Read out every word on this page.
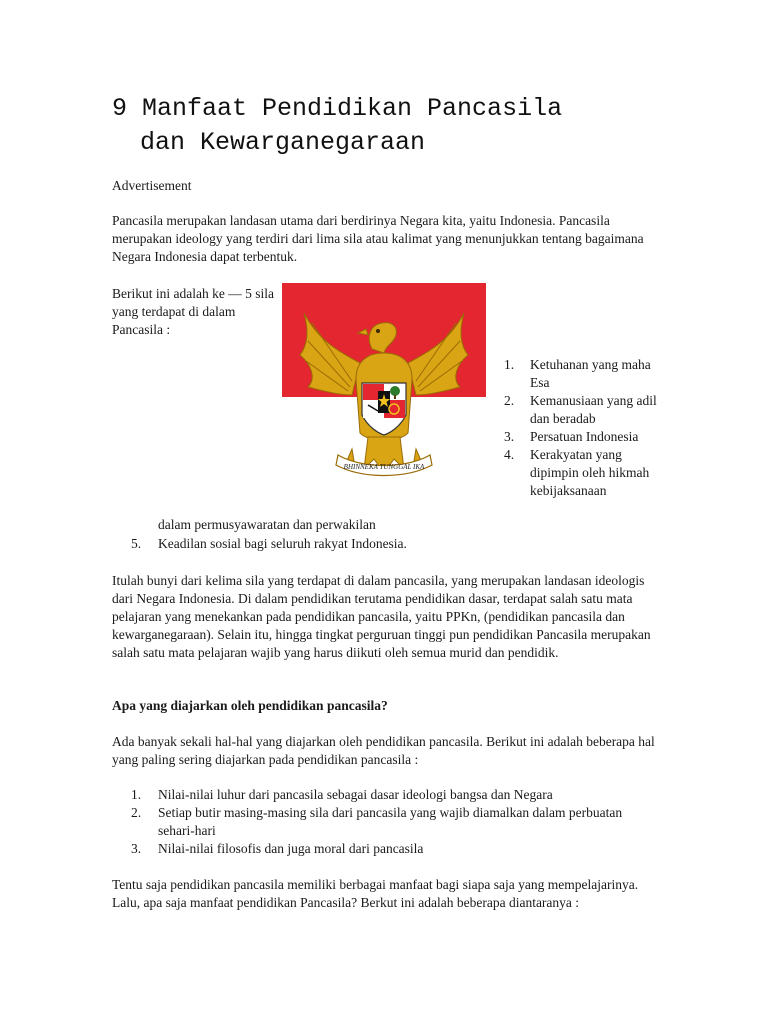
9 Manfaat Pendidikan Pancasila
dan Kewarganegaraan

Advertisement

Pancasila merupakan landasan utama dari berdirinya Negara kita, yaitu Indonesia. Pancasila merupakan ideology yang terdiri dari lima sila atau kalimat yang menunjukkan tentang bagaimana Negara Indonesia dapat terbentuk.

Berikut ini adalah ke — 5 sila yang terdapat di dalam Pancasila :

BHINNEKA TUNGGAL IKA
1.	Ketuhanan yang maha Esa
2.	Kemanusiaan yang adil dan beradab
3.	Persatuan Indonesia
4.	Kerakyatan yang dipimpin oleh hikmah kebijaksanaan
dalam permusyawaratan dan perwakilan
5.	Keadilan sosial bagi seluruh rakyat Indonesia.

Itulah bunyi dari kelima sila yang terdapat di dalam pancasila, yang merupakan landasan ideologis dari Negara Indonesia. Di dalam pendidikan terutama pendidikan dasar, terdapat salah satu mata pelajaran yang menekankan pada pendidikan pancasila, yaitu PPKn, (pendidikan pancasila dan kewarganegaraan). Selain itu, hingga tingkat perguruan tinggi pun pendidikan Pancasila merupakan salah satu mata pelajaran wajib yang harus diikuti oleh semua murid dan pendidik.

Apa yang diajarkan oleh pendidikan pancasila?

Ada banyak sekali hal-hal yang diajarkan oleh pendidikan pancasila. Berikut ini adalah beberapa hal yang paling sering diajarkan pada pendidikan pancasila :

1.	Nilai-nilai luhur dari pancasila sebagai dasar ideologi bangsa dan Negara
2.	Setiap butir masing-masing sila dari pancasila yang wajib diamalkan dalam perbuatan sehari-hari
3.	Nilai-nilai filosofis dan juga moral dari pancasila

Tentu saja pendidikan pancasila memiliki berbagai manfaat bagi siapa saja yang mempelajarinya. Lalu, apa saja manfaat pendidikan Pancasila? Berkut ini adalah beberapa diantaranya :
